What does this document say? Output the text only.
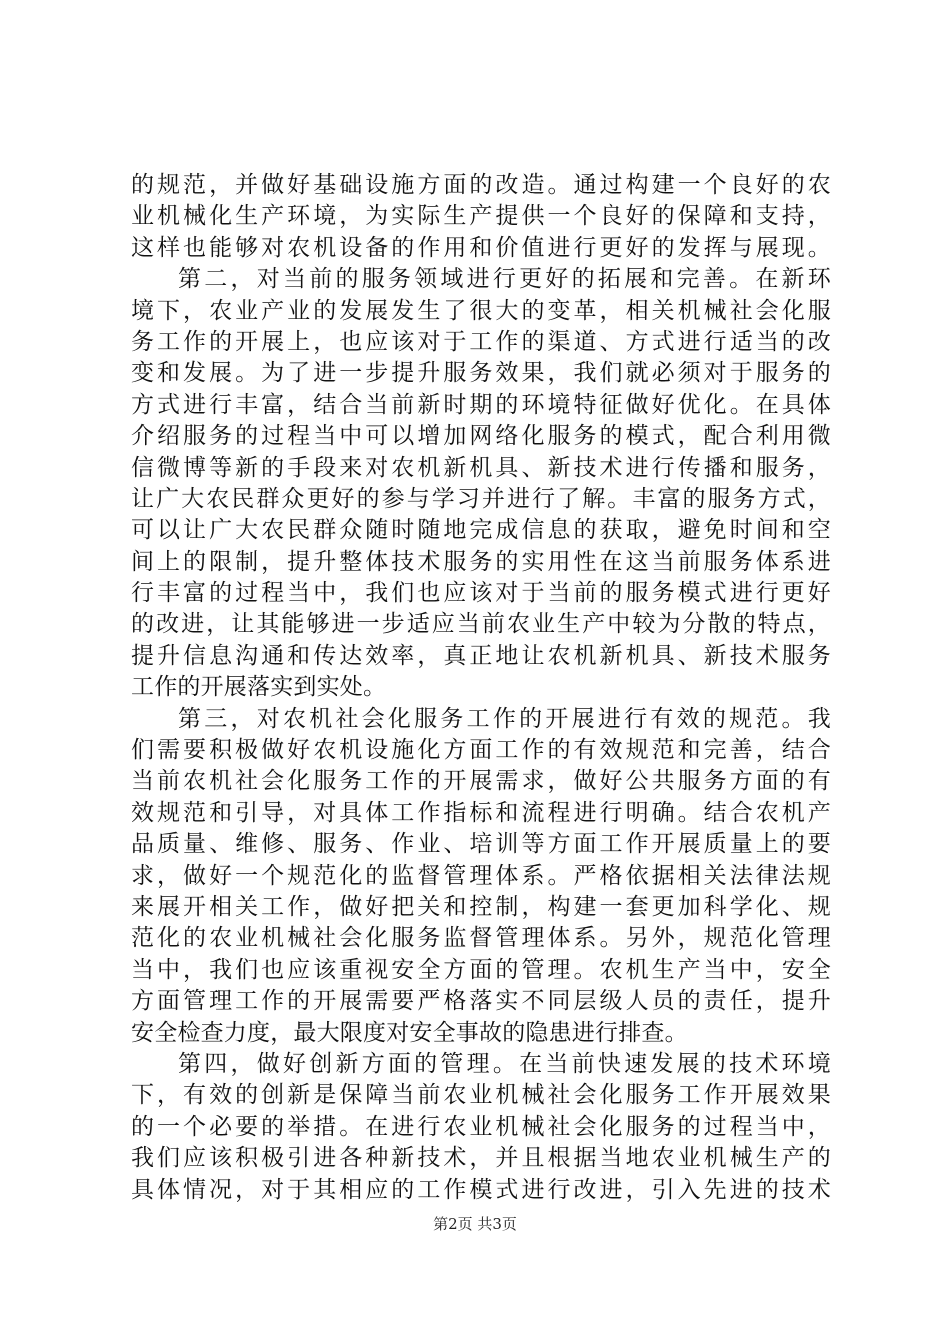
的规范，并做好基础设施方面的改造。通过构建一个良好的农
业机械化生产环境，为实际生产提供一个良好的保障和支持，
这样也能够对农机设备的作用和价值进行更好的发挥与展现。
第二，对当前的服务领域进行更好的拓展和完善。在新环
境下，农业产业的发展发生了很大的变革，相关机械社会化服
务工作的开展上，也应该对于工作的渠道、方式进行适当的改
变和发展。为了进一步提升服务效果，我们就必须对于服务的
方式进行丰富，结合当前新时期的环境特征做好优化。在具体
介绍服务的过程当中可以增加网络化服务的模式，配合利用微
信微博等新的手段来对农机新机具、新技术进行传播和服务，
让广大农民群众更好的参与学习并进行了解。丰富的服务方式，
可以让广大农民群众随时随地完成信息的获取，避免时间和空
间上的限制，提升整体技术服务的实用性在这当前服务体系进
行丰富的过程当中，我们也应该对于当前的服务模式进行更好
的改进，让其能够进一步适应当前农业生产中较为分散的特点，
提升信息沟通和传达效率，真正地让农机新机具、新技术服务
工作的开展落实到实处。
第三，对农机社会化服务工作的开展进行有效的规范。我
们需要积极做好农机设施化方面工作的有效规范和完善，结合
当前农机社会化服务工作的开展需求，做好公共服务方面的有
效规范和引导，对具体工作指标和流程进行明确。结合农机产
品质量、维修、服务、作业、培训等方面工作开展质量上的要
求，做好一个规范化的监督管理体系。严格依据相关法律法规
来展开相关工作，做好把关和控制，构建一套更加科学化、规
范化的农业机械社会化服务监督管理体系。另外，规范化管理
当中，我们也应该重视安全方面的管理。农机生产当中，安全
方面管理工作的开展需要严格落实不同层级人员的责任，提升
安全检查力度，最大限度对安全事故的隐患进行排查。
第四，做好创新方面的管理。在当前快速发展的技术环境
下，有效的创新是保障当前农业机械社会化服务工作开展效果
的一个必要的举措。在进行农业机械社会化服务的过程当中，
我们应该积极引进各种新技术，并且根据当地农业机械生产的
具体情况，对于其相应的工作模式进行改进，引入先进的技术
第2页 共3页
